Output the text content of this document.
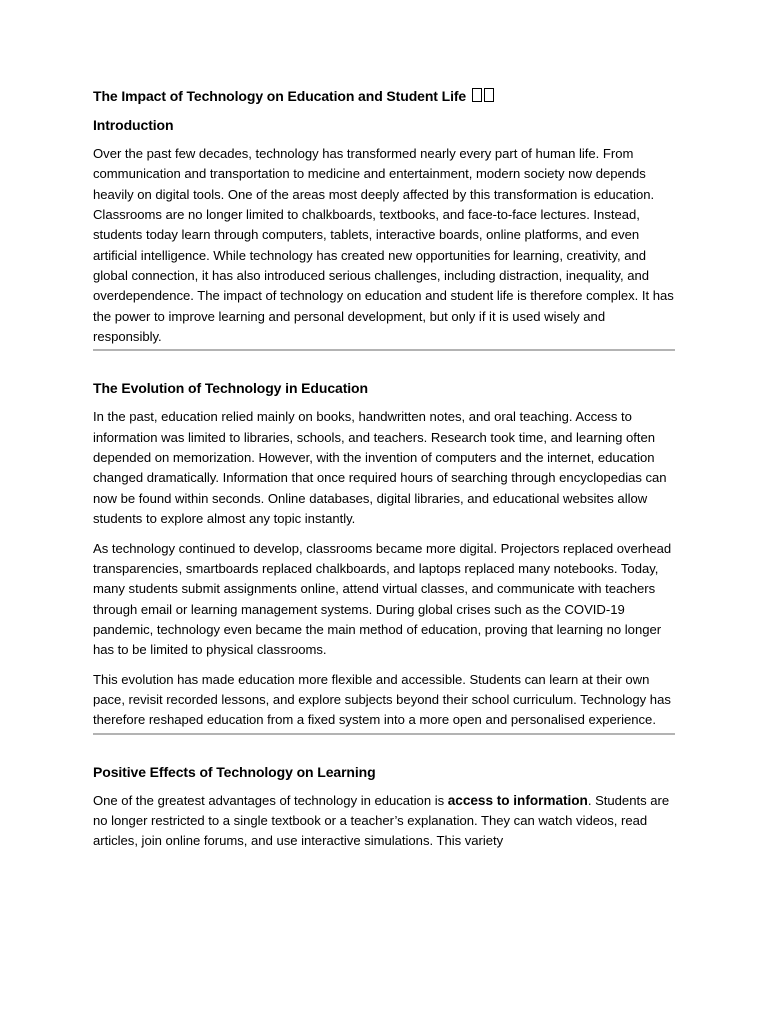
The Impact of Technology on Education and Student Life
Introduction

Over the past few decades, technology has transformed nearly every part of human life. From communication and transportation to medicine and entertainment, modern society now depends heavily on digital tools. One of the areas most deeply affected by this transformation is education. Classrooms are no longer limited to chalkboards, textbooks, and face-to-face lectures. Instead, students today learn through computers, tablets, interactive boards, online platforms, and even artificial intelligence. While technology has created new opportunities for learning, creativity, and global connection, it has also introduced serious challenges, including distraction, inequality, and overdependence. The impact of technology on education and student life is therefore complex. It has the power to improve learning and personal development, but only if it is used wisely and responsibly.

The Evolution of Technology in Education

In the past, education relied mainly on books, handwritten notes, and oral teaching. Access to information was limited to libraries, schools, and teachers. Research took time, and learning often depended on memorization. However, with the invention of computers and the internet, education changed dramatically. Information that once required hours of searching through encyclopedias can now be found within seconds. Online databases, digital libraries, and educational websites allow students to explore almost any topic instantly.

As technology continued to develop, classrooms became more digital. Projectors replaced overhead transparencies, smartboards replaced chalkboards, and laptops replaced many notebooks. Today, many students submit assignments online, attend virtual classes, and communicate with teachers through email or learning management systems. During global crises such as the COVID-19 pandemic, technology even became the main method of education, proving that learning no longer has to be limited to physical classrooms.

This evolution has made education more flexible and accessible. Students can learn at their own pace, revisit recorded lessons, and explore subjects beyond their school curriculum. Technology has therefore reshaped education from a fixed system into a more open and personalised experience.

Positive Effects of Technology on Learning

One of the greatest advantages of technology in education is access to information. Students are no longer restricted to a single textbook or a teacher’s explanation. They can watch videos, read articles, join online forums, and use interactive simulations. This variety
